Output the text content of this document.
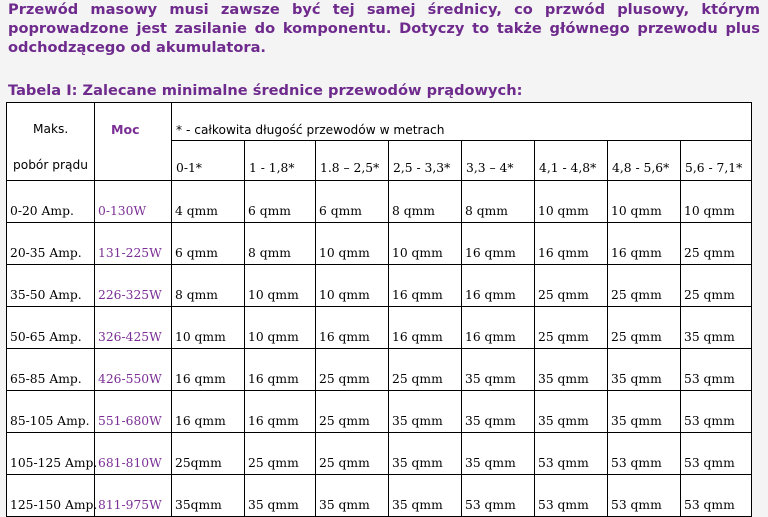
Przewód masowy musi zawsze być tej samej średnicy, co przwód plusowy, którym poprowadzone jest zasilanie do komponentu. Dotyczy to także głównego przewodu plus odchodzącego od akumulatora.

Tabela I: Zalecane minimalne średnice przewodów prądowych:

Maks.
pobór prądu	Moc	* - całkowita długość przewodów w metrach							

		0-1*	1 - 1,8*	1.8 – 2,5*	2,5 - 3,3*	3,3 – 4*	4,1 - 4,8*	4,8 - 5,6*	5,6 - 7,1*

0-20 Amp.	0-130W	4 qmm	6 qmm	6 qmm	8 qmm	8 qmm	10 qmm	10 qmm	10 qmm

20-35 Amp.	131-225W	6 qmm	8 qmm	10 qmm	10 qmm	16 qmm	16 qmm	16 qmm	25 qmm

35-50 Amp.	226-325W	8 qmm	10 qmm	10 qmm	16 qmm	16 qmm	25 qmm	25 qmm	25 qmm

50-65 Amp.	326-425W	10 qmm	10 qmm	16 qmm	16 qmm	16 qmm	25 qmm	25 qmm	35 qmm

65-85 Amp.	426-550W	16 qmm	16 qmm	25 qmm	25 qmm	35 qmm	35 qmm	35 qmm	53 qmm

85-105 Amp.	551-680W	16 qmm	16 qmm	25 qmm	35 qmm	35 qmm	35 qmm	35 qmm	53 qmm

105-125 Amp.	681-810W	25qmm	25 qmm	25 qmm	35 qmm	35 qmm	53 qmm	53 qmm	53 qmm

125-150 Amp.	811-975W	35qmm	35 qmm	35 qmm	35 qmm	53 qmm	53 qmm	53 qmm	53 qmm
